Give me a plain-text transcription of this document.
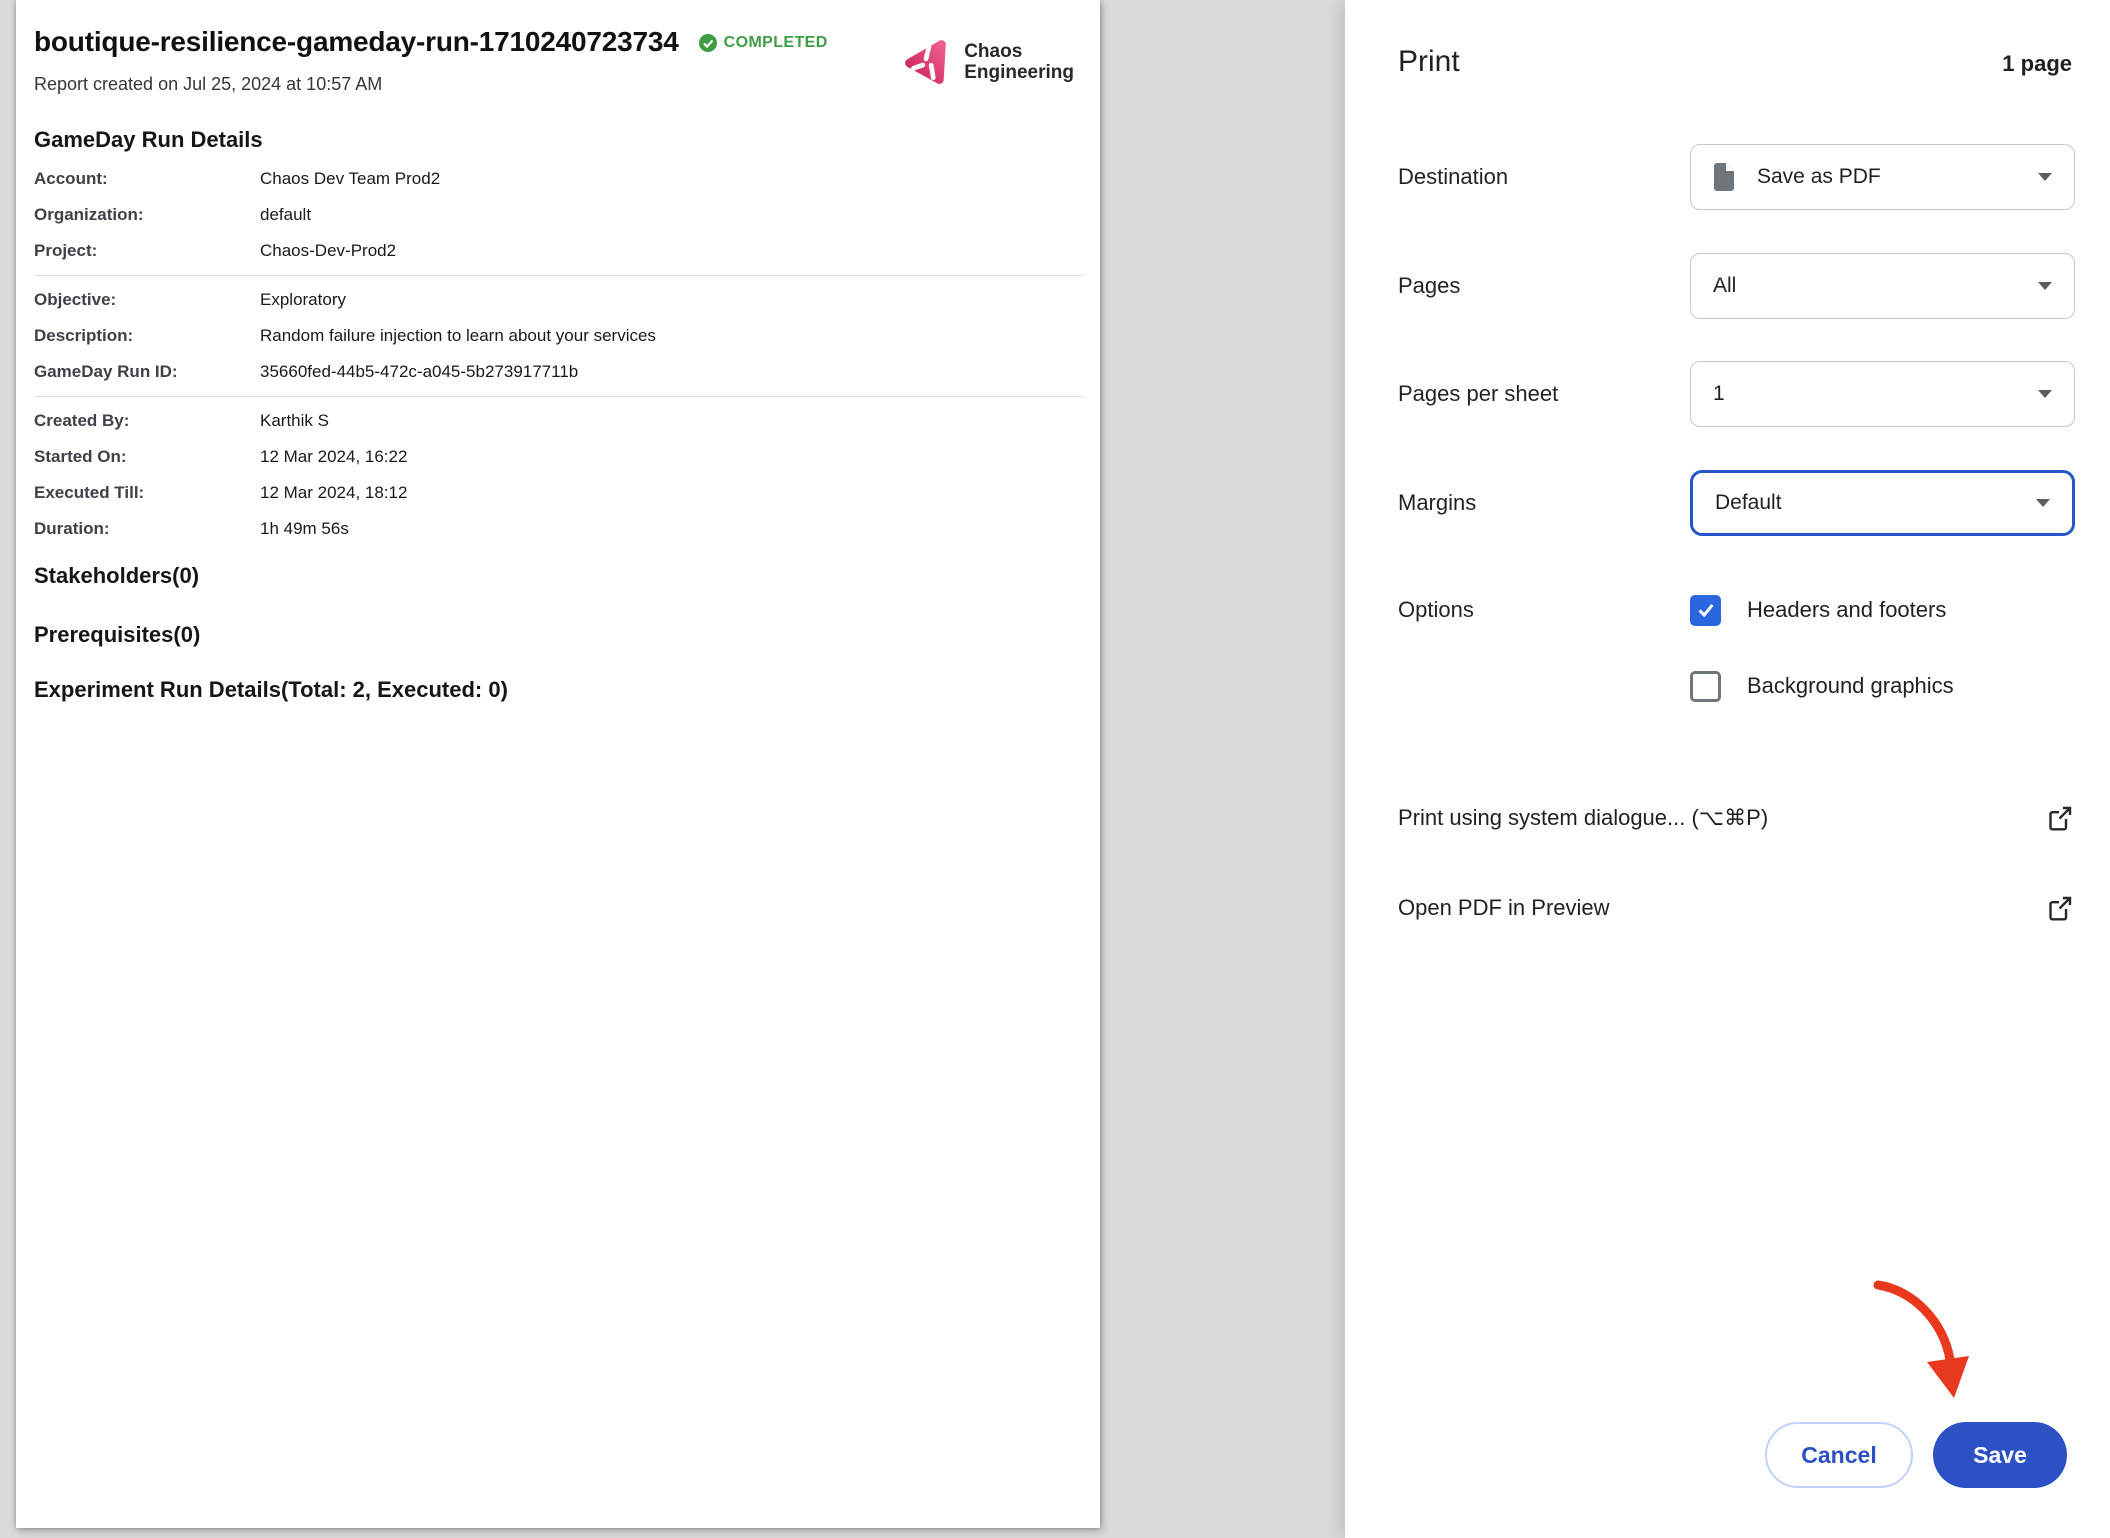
boutique-resilience-gameday-run-1710240723734	COMPLETED	Chaos
Engineering
Report created on Jul 25, 2024 at 10:57 AM
GameDay Run Details
Account:	Chaos Dev Team Prod2
Organization:	default
Project:	Chaos-Dev-Prod2
Objective:	Exploratory
Description:	Random failure injection to learn about your services
GameDay Run ID:	35660fed-44b5-472c-a045-5b273917711b
Created By:	Karthik S
Started On:	12 Mar 2024, 16:22
Executed Till:	12 Mar 2024, 18:12
Duration:	1h 49m 56s
Stakeholders(0)
Prerequisites(0)
Experiment Run Details(Total: 2, Executed: 0)
Print	1 page
Destination	Save as PDF
Pages	All
Pages per sheet	1
Margins	Default
Options	Headers and footers
Background graphics
Print using system dialogue... (⌥⌘P)
Open PDF in Preview
Cancel	Save
